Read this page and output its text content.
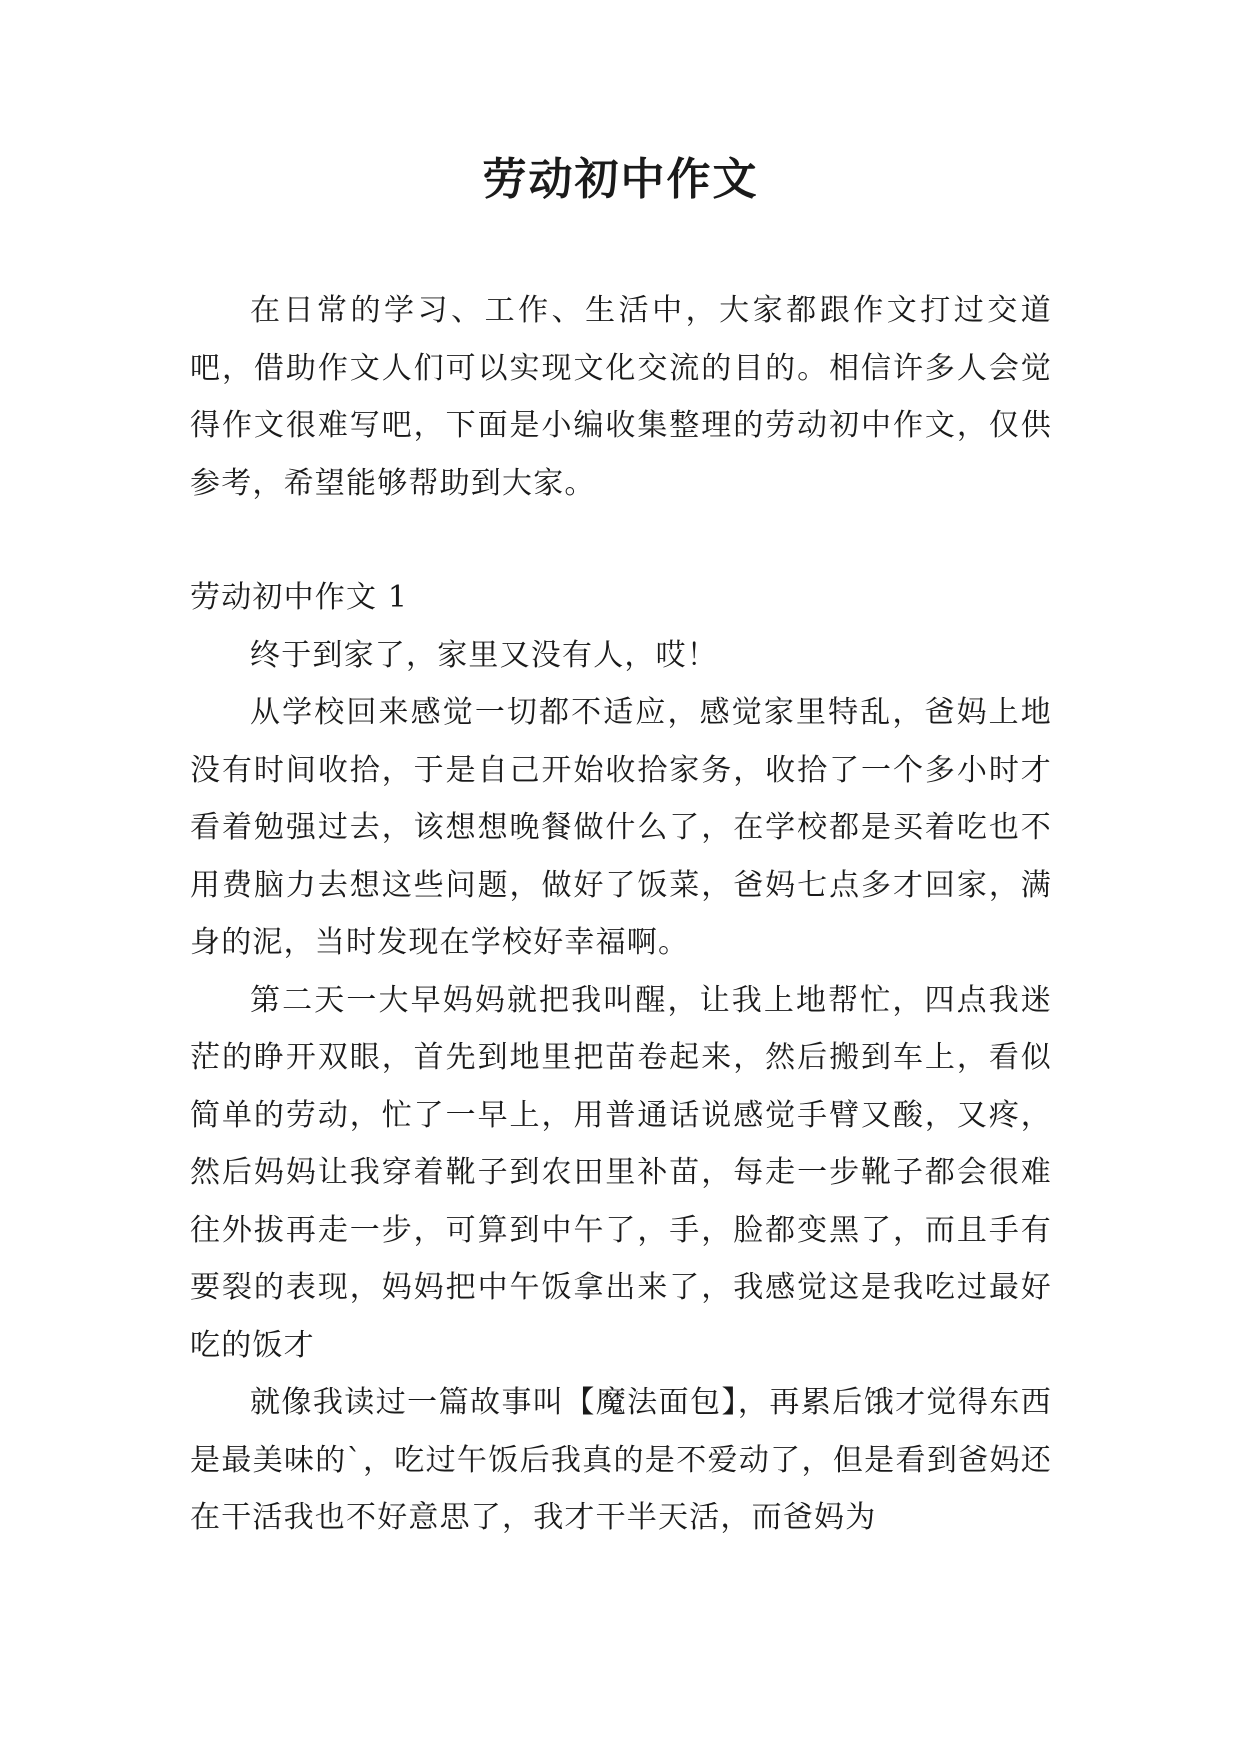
劳动初中作文

在日常的学习、工作、生活中，大家都跟作文打过交道吧，借助作文人们可以实现文化交流的目的。相信许多人会觉得作文很难写吧，下面是小编收集整理的劳动初中作文，仅供参考，希望能够帮助到大家。

劳动初中作文 1

终于到家了，家里又没有人，哎！

从学校回来感觉一切都不适应，感觉家里特乱，爸妈上地没有时间收拾，于是自己开始收拾家务，收拾了一个多小时才看着勉强过去，该想想晚餐做什么了，在学校都是买着吃也不用费脑力去想这些问题，做好了饭菜，爸妈七点多才回家，满身的泥，当时发现在学校好幸福啊。

第二天一大早妈妈就把我叫醒，让我上地帮忙，四点我迷茫的睁开双眼，首先到地里把苗卷起来，然后搬到车上，看似简单的劳动，忙了一早上，用普通话说感觉手臂又酸，又疼，然后妈妈让我穿着靴子到农田里补苗，每走一步靴子都会很难往外拔再走一步，可算到中午了，手，脸都变黑了，而且手有要裂的表现，妈妈把中午饭拿出来了，我感觉这是我吃过最好吃的饭才

就像我读过一篇故事叫【魔法面包】，再累后饿才觉得东西是最美味的`，吃过午饭后我真的是不爱动了，但是看到爸妈还在干活我也不好意思了，我才干半天活，而爸妈为
